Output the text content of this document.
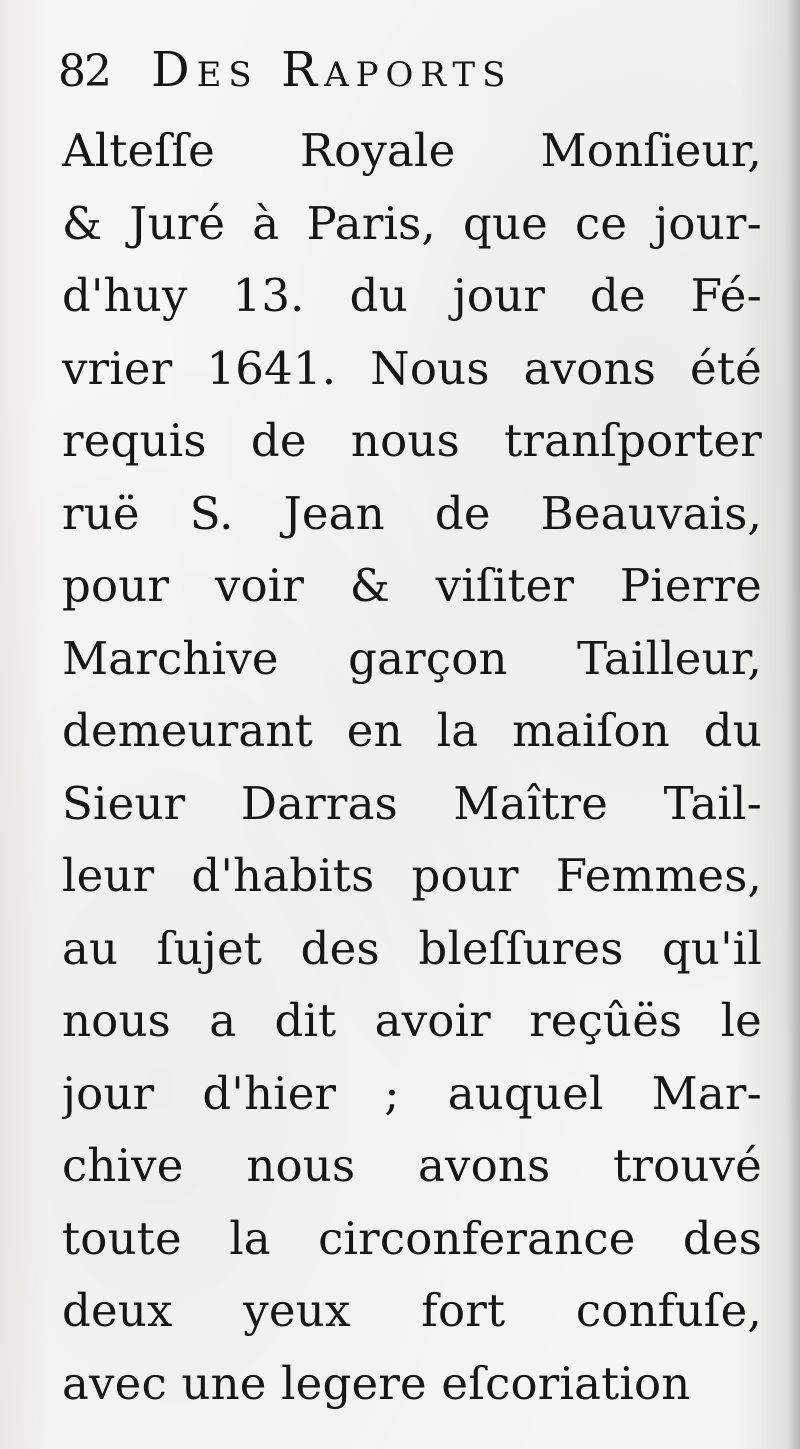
82 Des Raports
Alteſſe Royale Monſieur,
& Juré à Paris, que ce jour-
d'huy 13. du jour de Fé-
vrier 1641. Nous avons été
requis de nous tranſporter
ruë S. Jean de Beauvais,
pour voir & viſiter Pierre
Marchive garçon Tailleur,
demeurant en la maiſon du
Sieur Darras Maître Tail-
leur d'habits pour Femmes,
au ſujet des bleſſures qu'il
nous a dit avoir reçûës le
jour d'hier ; auquel Mar-
chive nous avons trouvé
toute la circonferance des
deux yeux fort confuſe,
avec une legere eſcoriation
